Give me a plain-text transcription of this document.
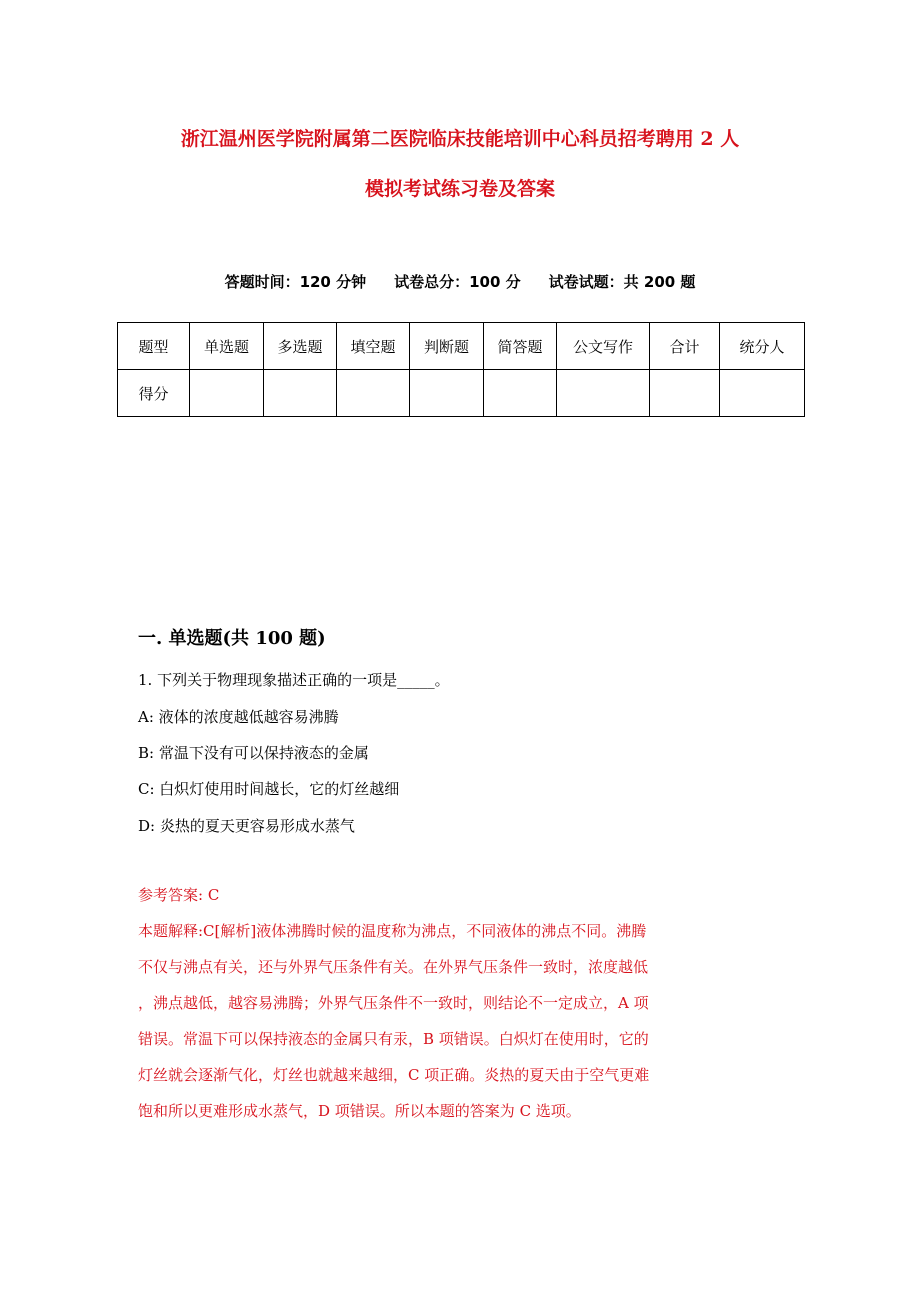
浙江温州医学院附属第二医院临床技能培训中心科员招考聘用 2 人
模拟考试练习卷及答案
答题时间：120 分钟 试卷总分：100 分 试卷试题：共 200 题
题型	单选题	多选题	填空题	判断题	简答题	公文写作	合计	统分人
得分								
一. 单选题(共 100 题)
1. 下列关于物理现象描述正确的一项是_____。
A: 液体的浓度越低越容易沸腾
B: 常温下没有可以保持液态的金属
C: 白炽灯使用时间越长，它的灯丝越细
D: 炎热的夏天更容易形成水蒸气
参考答案: C
本题解释:C[解析]液体沸腾时候的温度称为沸点，不同液体的沸点不同。沸腾
不仅与沸点有关，还与外界气压条件有关。在外界气压条件一致时，浓度越低
，沸点越低，越容易沸腾；外界气压条件不一致时，则结论不一定成立，A 项
错误。常温下可以保持液态的金属只有汞，B 项错误。白炽灯在使用时，它的
灯丝就会逐渐气化，灯丝也就越来越细，C 项正确。炎热的夏天由于空气更难
饱和所以更难形成水蒸气，D 项错误。所以本题的答案为 C 选项。
